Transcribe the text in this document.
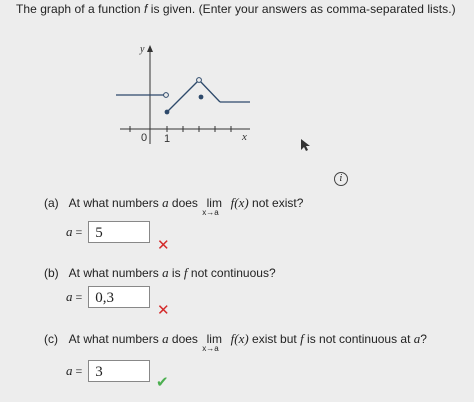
The graph of a function f is given. (Enter your answers as comma-separated lists.)
y
x
0 1
i
(a) At what numbers a does lim
x→a
f(x) not exist?
a = 5
✕
(b) At what numbers a is f not continuous?
a = 0,3
✕
(c) At what numbers a does lim
x→a
f(x) exist but f is not continuous at a?
a = 3
✔
